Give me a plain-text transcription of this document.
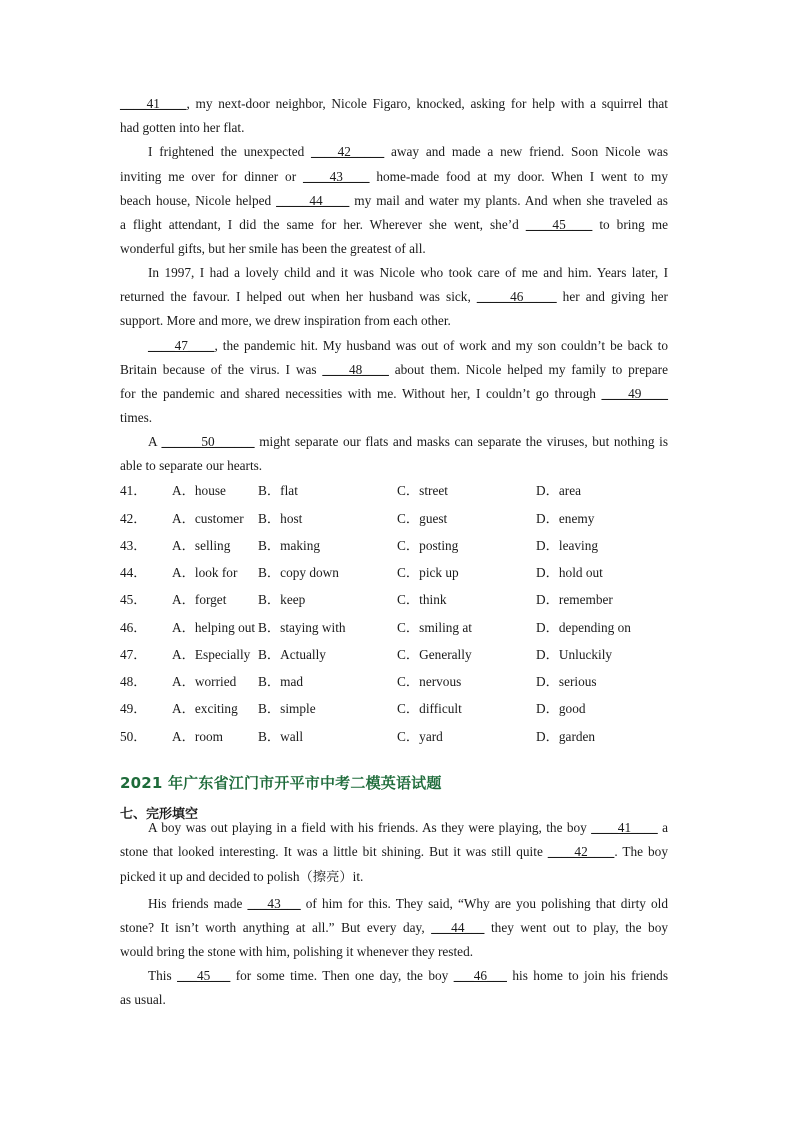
____41____, my next-door neighbor, Nicole Figaro, knocked, asking for help with a squirrel that
had gotten into her flat.
I frightened the unexpected ____42_____ away and made a new friend. Soon Nicole was
inviting me over for dinner or ____43____ home-made food at my door. When I went to my
beach house, Nicole helped _____44____ my mail and water my plants. And when she traveled as
a flight attendant, I did the same for her. Wherever she went, she’d ____45____ to bring me
wonderful gifts, but her smile has been the greatest of all.
In 1997, I had a lovely child and it was Nicole who took care of me and him. Years later, I
returned the favour. I helped out when her husband was sick, _____46_____ her and giving her
support. More and more, we drew inspiration from each other.
____47____, the pandemic hit. My husband was out of work and my son couldn’t be back to
Britain because of the virus. I was ____48____ about them. Nicole helped my family to prepare
for the pandemic and shared necessities with me. Without her, I couldn’t go through ____49____
times.
A ______50______ might separate our flats and masks can separate the viruses, but nothing is
able to separate our hearts.
41． A．house B．flat	C．street	D．area
42． A．customer B．host	C．guest	D．enemy
43． A．selling B．making	C．posting	D．leaving
44． A．look for B．copy down	C．pick up	D．hold out
45． A．forget B．keep	C．think	D．remember
46． A．helping out B．staying with	C．smiling at	D．depending on
47． A．Especially B．Actually	C．Generally	D．Unluckily
48． A．worried B．mad	C．nervous	D．serious
49． A．exciting B．simple	C．difficult	D．good
50． A．room	B．wall	C．yard	D．garden
2021 年广东省江门市开平市中考二模英语试题
七、完形填空
A boy was out playing in a field with his friends. As they were playing, the boy ____41____ a
stone that looked interesting. It was a little bit shining. But it was still quite ____42____. The boy
picked it up and decided to polish（擦亮）it.
His friends made ___43___ of him for this. They said, “Why are you polishing that dirty old
stone? It isn’t worth anything at all.” But every day, ___44___ they went out to play, the boy
would bring the stone with him, polishing it whenever they rested.
This ___45___ for some time. Then one day, the boy ___46___ his home to join his friends
as usual.
